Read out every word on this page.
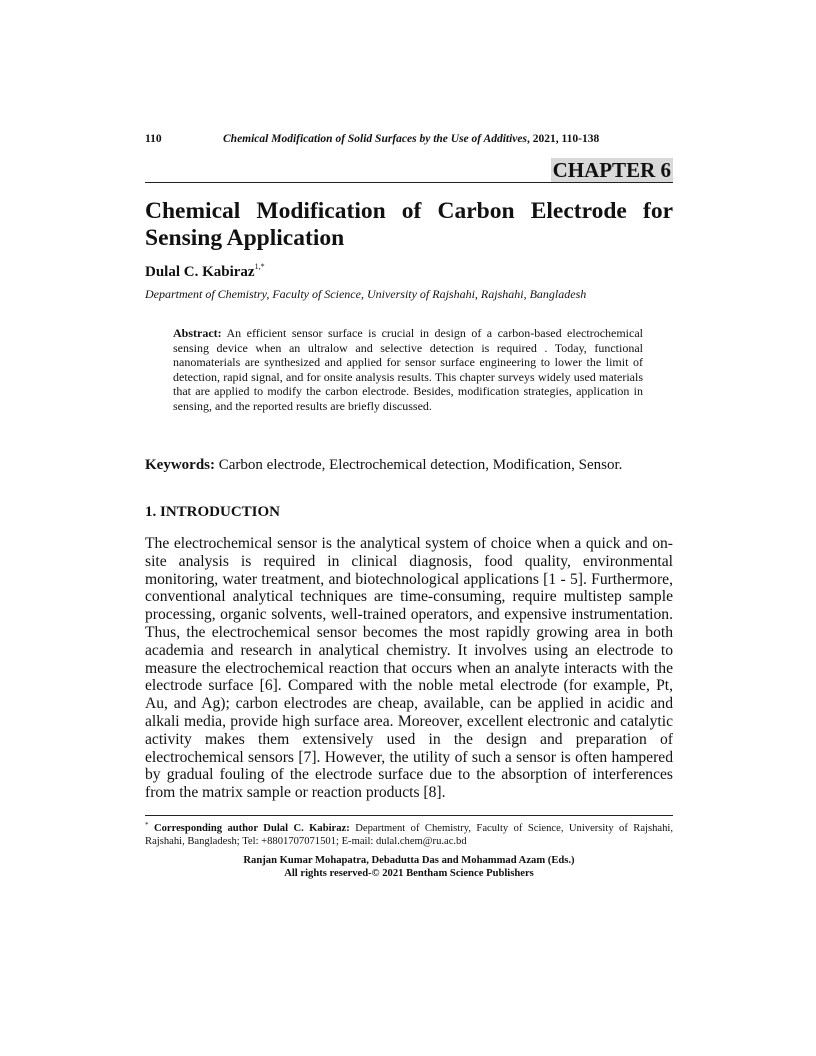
110	Chemical Modification of Solid Surfaces by the Use of Additives, 2021, 110-138
CHAPTER 6
Chemical Modification of Carbon Electrode for Sensing Application
Dulal C. Kabiraz$^{1,*}$
Department of Chemistry, Faculty of Science, University of Rajshahi, Rajshahi, Bangladesh

Abstract: An efficient sensor surface is crucial in design of a carbon-based electrochemical sensing device when an ultralow and selective detection is required . Today, functional nanomaterials are synthesized and applied for sensor surface engineering to lower the limit of detection, rapid signal, and for onsite analysis results. This chapter surveys widely used materials that are applied to modify the carbon electrode. Besides, modification strategies, application in sensing, and the reported results are briefly discussed.

Keywords: Carbon electrode, Electrochemical detection, Modification, Sensor.
1. INTRODUCTION

The electrochemical sensor is the analytical system of choice when a quick and on-site analysis is required in clinical diagnosis, food quality, environmental monitoring, water treatment, and biotechnological applications [1 - 5]. Furthermore, conventional analytical techniques are time-consuming, require multistep sample processing, organic solvents, well-trained operators, and expensive instrumentation. Thus, the electrochemical sensor becomes the most rapidly growing area in both academia and research in analytical chemistry. It involves using an electrode to measure the electrochemical reaction that occurs when an analyte interacts with the electrode surface [6]. Compared with the noble metal electrode (for example, Pt, Au, and Ag); carbon electrodes are cheap, available, can be applied in acidic and alkali media, provide high surface area. Moreover, excellent electronic and catalytic activity makes them extensively used in the design and preparation of electrochemical sensors [7]. However, the utility of such a sensor is often hampered by gradual fouling of the electrode surface due to the absorption of interferences from the matrix sample or reaction products [8].

* Corresponding author Dulal C. Kabiraz: Department of Chemistry, Faculty of Science, University of Rajshahi, Rajshahi, Bangladesh; Tel: +8801707071501; E-mail: dulal.chem@ru.ac.bd

Ranjan Kumar Mohapatra, Debadutta Das and Mohammad Azam (Eds.)
All rights reserved-© 2021 Bentham Science Publishers
